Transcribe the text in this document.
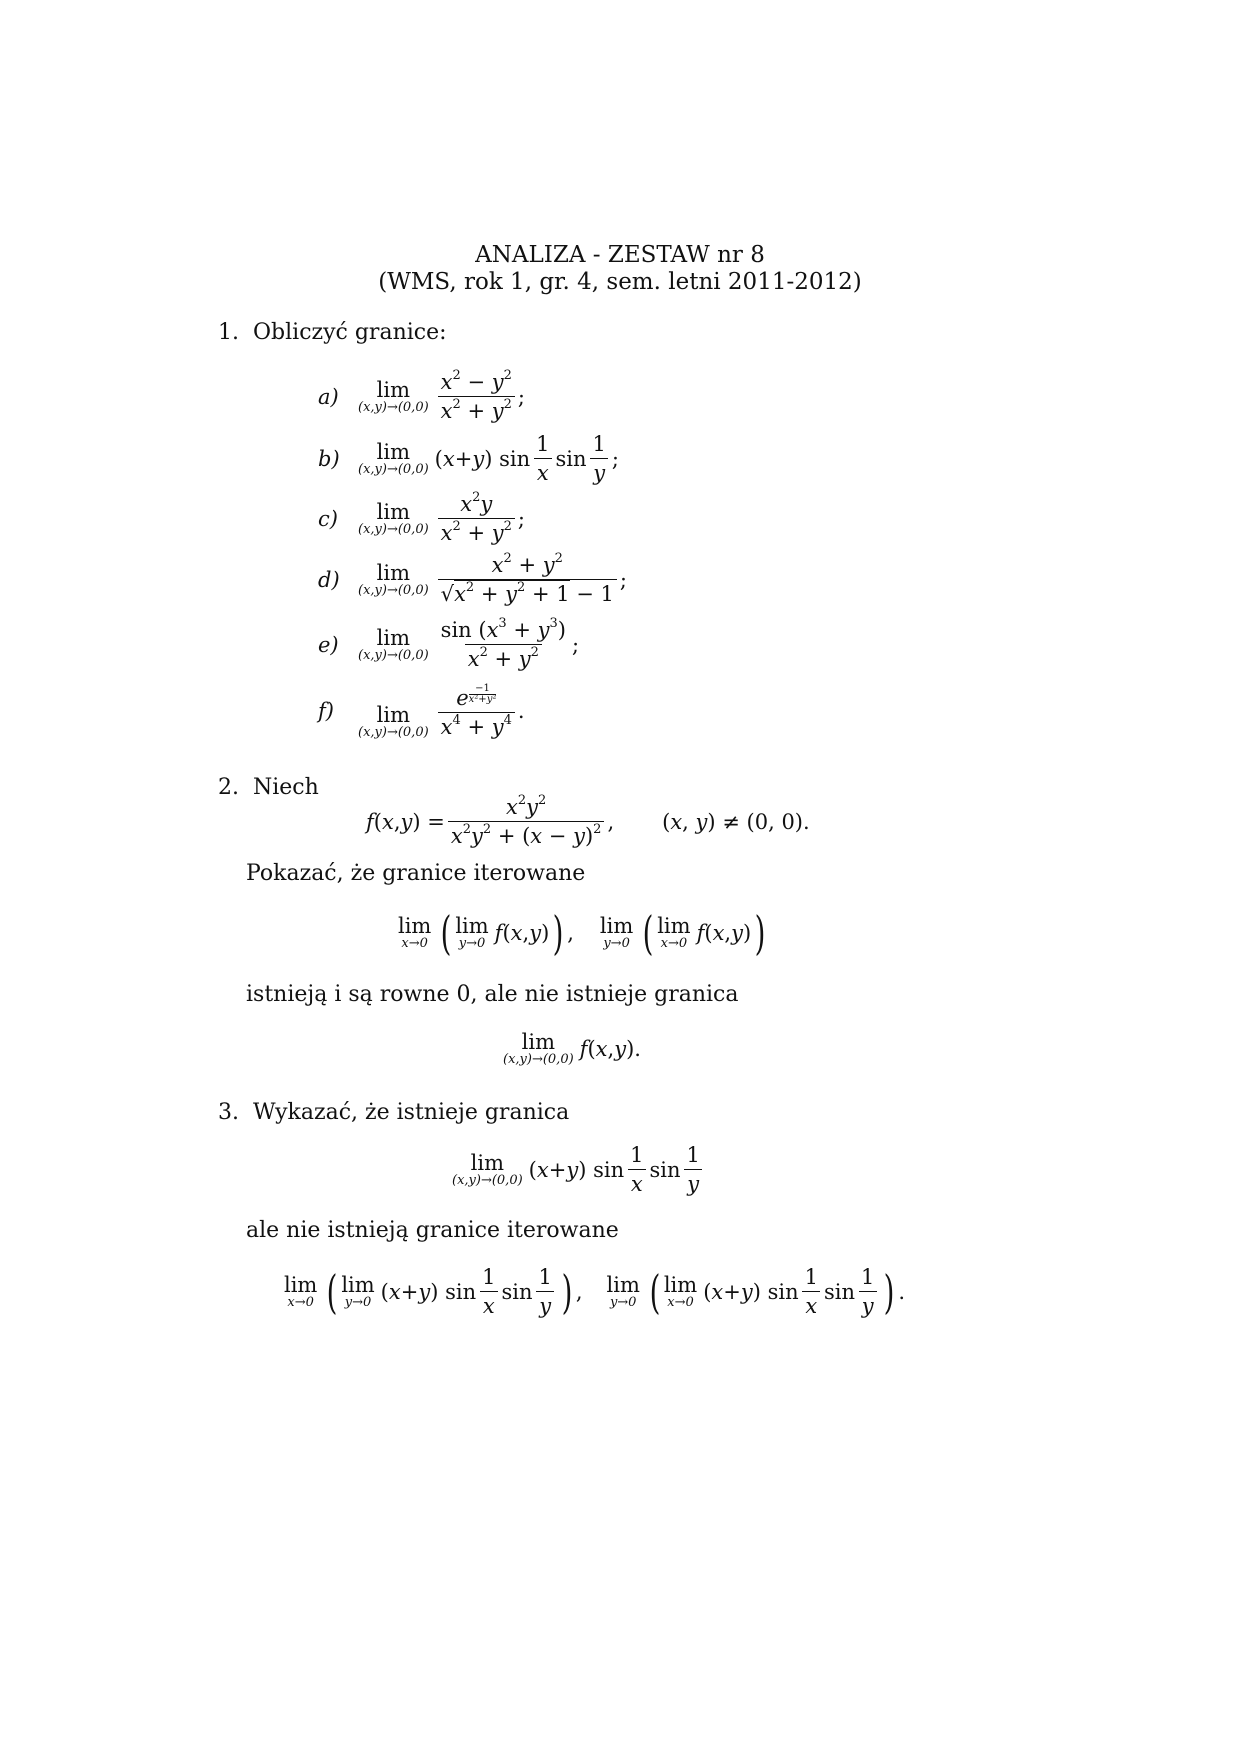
ANALIZA - ZESTAW nr 8
(WMS, rok 1, gr. 4, sem. letni 2011-2012)
1. Obliczyć granice:
a)	lim
$(x,y)\to(0,0) \frac{x^2 - y^2}{x^2 + y^2}$ ;
b)	lim
(x,y)→(0,0) ( x + y ) $\sin \frac{1}{x}$ $\sin \frac{1}{y}$ ;
c)	lim
$(x,y)\to(0,0) \frac{x^2y}{x^2 + y^2}$ ;
d)	lim
$(x,y)\to(0,0) \frac{x^2 + y^2}{√x^2 + y^2 + 1 - 1}$ ;
e)	lim
$(x,y)\to(0,0) \frac{\sin (x^3 + y^3)}{x^2 + y^2}$ ;
f)	lim
$(x,y)\to(0,0) \frac{e \frac{-1}{\text{x²+y²}}}{x^4 + y^4}$ .
2. Niech
f ( x , y ) = $\frac{x^2y^2}{x^2y^2 + (x - y)^2}$ , (x, y) ≠ (0, 0).
Pokazać, że granice iterowane
lim
x→0 ( lim
y→0 f ( x , y ) ) , lim
y→0 ( lim
x→0 f ( x , y ) )
istnieją i są rowne 0, ale nie istnieje granica
lim
(x,y)→(0,0) f ( x , y ).
3. Wykazać, że istnieje granica
lim
(x,y)→(0,0) ( x + y ) $\sin \frac{1}{x}$ $\sin \frac{1}{y}$
ale nie istnieją granice iterowane
lim
x→0 ( lim
y→0 ( x + y ) $\sin \frac{1}{x}$ $\sin \frac{1}{y}$ ) , lim
y→0 ( lim
x→0 ( x + y ) $\sin \frac{1}{x}$ $\sin \frac{1}{y}$ ) .
